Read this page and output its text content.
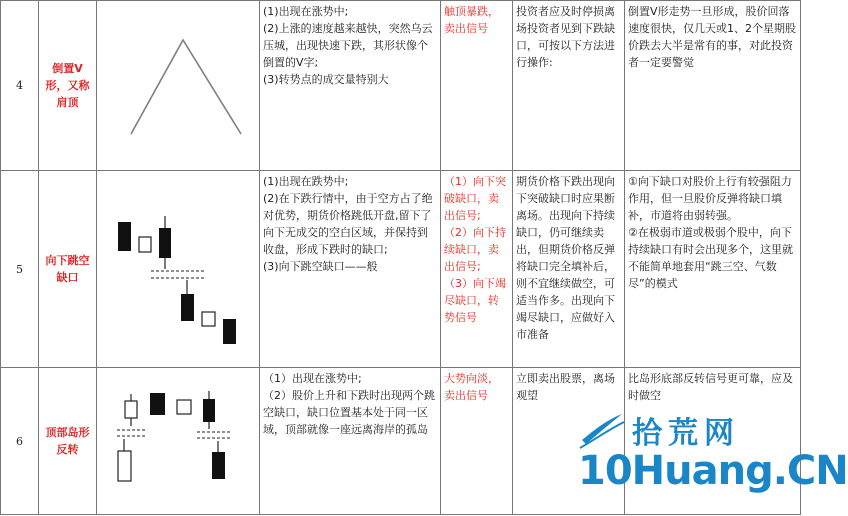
4	倒置V形，又称肩顶		(1)出现在涨势中;
(2)上涨的速度越来越快，突然乌云压城，出现快速下跌，其形状像个倒置的V字;
(3)转势点的成交量特别大	触顶暴跌，
卖出信号	投资者应及时停损离场投资者见到下跌缺口，可按以下方法进行操作:	倒置V形走势一旦形成，股价回落速度很快，仅几天或1、2个星期股价跌去大半是常有的事，对此投资者一定要警觉
5	向下跳空缺口		(1)出现在跌势中;
(2)在下跌行情中，由于空方占了绝对优势，期货价格跳低开盘,留下了向下无成交的空白区域，并保持到收盘，形成下跌时的缺口;
(3)向下跳空缺口——般	（1）向下突破缺口，卖出信号;
（2）向下持续缺口，卖出信号;
（3）向下竭尽缺口，转势信号	期货价格下跌出现向下突破缺口时应果断离场。出现向下持续缺口，仍可继续卖出，但期货价格反弹将缺口完全填补后，则不宜继续做空，可适当作多。出现向下竭尽缺口，应做好入市准备	①向下缺口对股价上行有较强阻力作用，但一旦股价反弹将缺口填补，市道将由弱转强。
②在极弱市道或极弱个股中，向下持续缺口有时会出现多个，这里就不能简单地套用“跳三空、气数尽”的模式

6	顶部岛形反转		（1）出现在涨势中;
（2）股价上升和下跌时出现两个跳空缺口，缺口位置基本处于同一区域，顶部就像一座远离海岸的孤岛	大势向淡，
卖出信号	立即卖出股票，离场观望	比岛形底部反转信号更可靠，应及时做空
拾荒网
10Huang.CN
